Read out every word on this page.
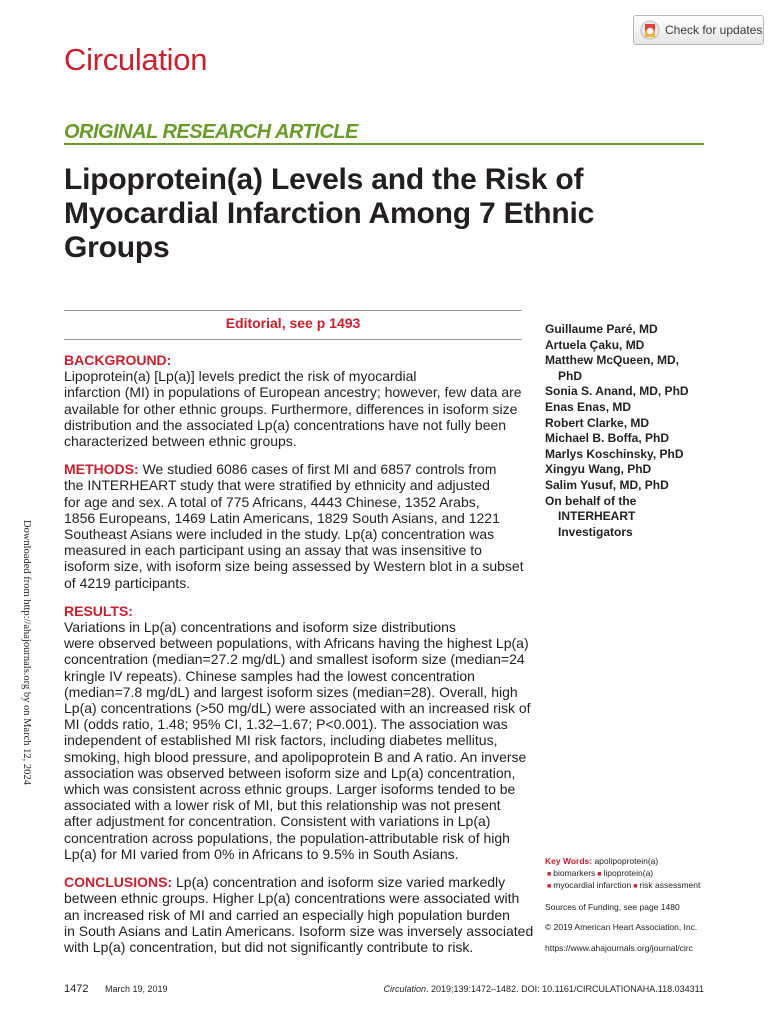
Check for updates
Circulation
ORIGINAL RESEARCH ARTICLE
Lipoprotein(a) Levels and the Risk of Myocardial Infarction Among 7 Ethnic Groups
Editorial, see p 1493

BACKGROUND: Lipoprotein(a) [Lp(a)] levels predict the risk of myocardial

infarction (MI) in populations of European ancestry; however, few data are
available for other ethnic groups. Furthermore, differences in isoform size
distribution and the associated Lp(a) concentrations have not fully been
characterized between ethnic groups.

METHODS: We studied 6086 cases of first MI and 6857 controls from

the INTERHEART study that were stratified by ethnicity and adjusted
for age and sex. A total of 775 Africans, 4443 Chinese, 1352 Arabs,
1856 Europeans, 1469 Latin Americans, 1829 South Asians, and 1221
Southeast Asians were included in the study. Lp(a) concentration was
measured in each participant using an assay that was insensitive to
isoform size, with isoform size being assessed by Western blot in a subset
of 4219 participants.

RESULTS: Variations in Lp(a) concentrations and isoform size distributions

were observed between populations, with Africans having the highest Lp(a)
concentration (median=27.2 mg/dL) and smallest isoform size (median=24
kringle IV repeats). Chinese samples had the lowest concentration
(median=7.8 mg/dL) and largest isoform sizes (median=28). Overall, high
Lp(a) concentrations (>50 mg/dL) were associated with an increased risk of
MI (odds ratio, 1.48; 95% CI, 1.32–1.67; P<0.001). The association was
independent of established MI risk factors, including diabetes mellitus,
smoking, high blood pressure, and apolipoprotein B and A ratio. An inverse
association was observed between isoform size and Lp(a) concentration,
which was consistent across ethnic groups. Larger isoforms tended to be
associated with a lower risk of MI, but this relationship was not present
after adjustment for concentration. Consistent with variations in Lp(a)
concentration across populations, the population-attributable risk of high
Lp(a) for MI varied from 0% in Africans to 9.5% in South Asians.

CONCLUSIONS: Lp(a) concentration and isoform size varied markedly

between ethnic groups. Higher Lp(a) concentrations were associated with
an increased risk of MI and carried an especially high population burden
in South Asians and Latin Americans. Isoform size was inversely associated
with Lp(a) concentration, but did not significantly contribute to risk.

Guillaume Paré, MD
Artuela Çaku, MD
Matthew McQueen, MD,
PhD
Sonia S. Anand, MD, PhD
Enas Enas, MD
Robert Clarke, MD
Michael B. Boffa, PhD
Marlys Koschinsky, PhD
Xingyu Wang, PhD
Salim Yusuf, MD, PhD
On behalf of the
INTERHEART
Investigators
Key Words: apolipoprotein(a)
■ biomarkers ■ lipoprotein(a)
■ myocardial infarction ■ risk assessment
Sources of Funding, see page 1480
© 2019 American Heart Association, Inc.
https://www.ahajournals.org/journal/circ
Downloaded from http://ahajournals.org by on March 12, 2024
1472 March 19, 2019	Circulation. 2019;139:1472–1482. DOI: 10.1161/CIRCULATIONAHA.118.034311
